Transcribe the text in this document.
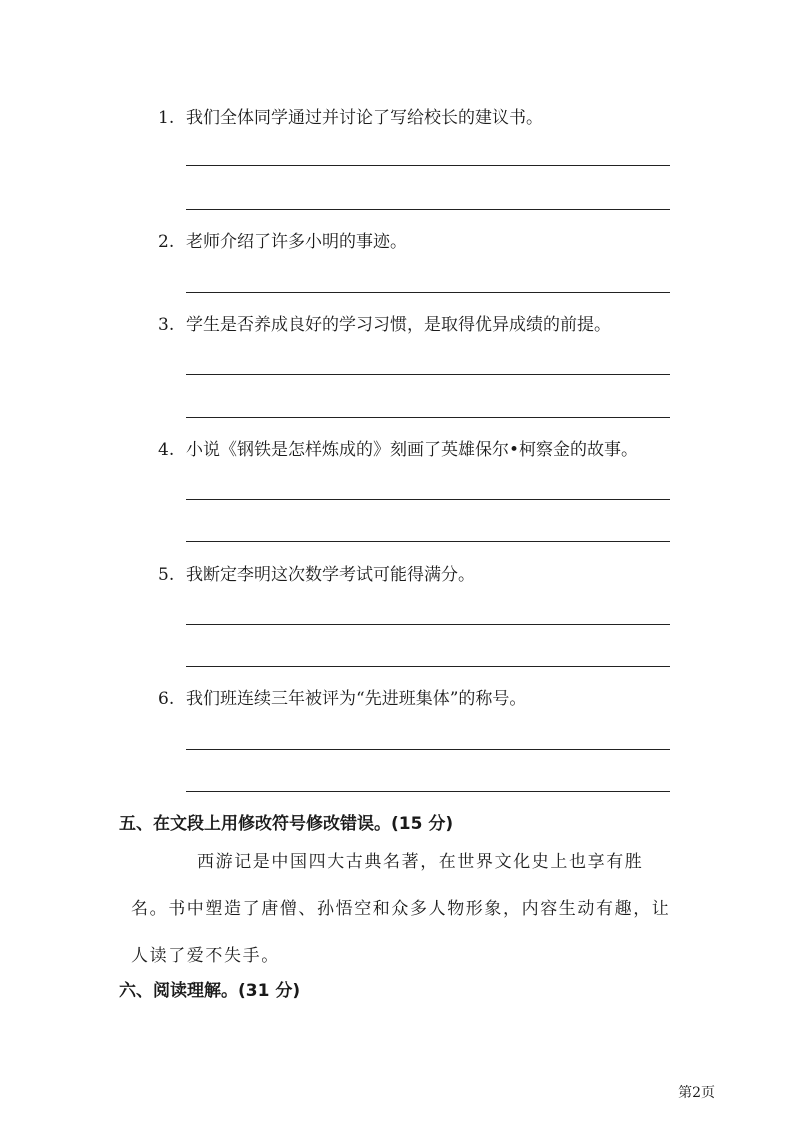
1. 我们全体同学通过并讨论了写给校长的建议书。
2. 老师介绍了许多小明的事迹。
3. 学生是否养成良好的学习习惯，是取得优异成绩的前提。
4. 小说《钢铁是怎样炼成的》刻画了英雄保尔•柯察金的故事。
5. 我断定李明这次数学考试可能得满分。
6. 我们班连续三年被评为“先进班集体”的称号。
五、在文段上用修改符号修改错误。(15 分)

西游记是中国四大古典名著，在世界文化史上也享有胜名。书中塑造了唐僧、孙悟空和众多人物形象，内容生动有趣，让人读了爱不失手。

六、阅读理解。(31 分)
第2页
